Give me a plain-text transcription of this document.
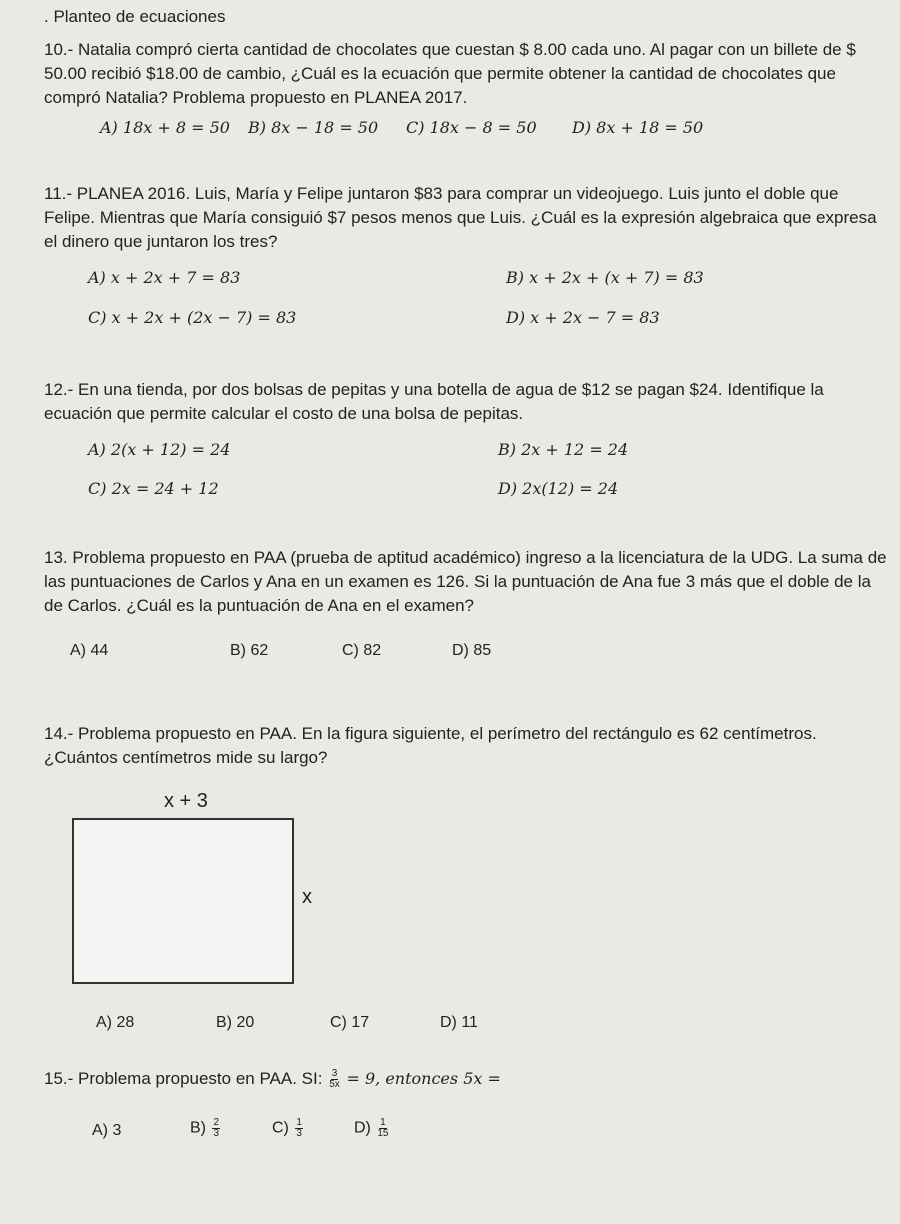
. Planteo de ecuaciones
10.- Natalia compró cierta cantidad de chocolates que cuestan $ 8.00 cada uno. Al pagar con un billete de $ 50.00 recibió $18.00 de cambio, ¿Cuál es la ecuación que permite obtener la cantidad de chocolates que compró Natalia? Problema propuesto en PLANEA 2017.
A) 18x + 8 = 50 B) 8x − 18 = 50 C) 18x − 8 = 50 D) 8x + 18 = 50
11.- PLANEA 2016. Luis, María y Felipe juntaron $83 para comprar un videojuego. Luis junto el doble que Felipe. Mientras que María consiguió $7 pesos menos que Luis. ¿Cuál es la expresión algebraica que expresa el dinero que juntaron los tres?
A) x + 2x + 7 = 83	B) x + 2x + (x + 7) = 83
C) x + 2x + (2x − 7) = 83	D) x + 2x − 7 = 83
12.- En una tienda, por dos bolsas de pepitas y una botella de agua de $12 se pagan $24. Identifique la ecuación que permite calcular el costo de una bolsa de pepitas.
A) 2(x + 12) = 24	B) 2x + 12 = 24
C) 2x = 24 + 12	D) 2x(12) = 24
13. Problema propuesto en PAA (prueba de aptitud académico) ingreso a la licenciatura de la UDG. La suma de las puntuaciones de Carlos y Ana en un examen es 126. Si la puntuación de Ana fue 3 más que el doble de la de Carlos. ¿Cuál es la puntuación de Ana en el examen?
A) 44	B) 62	C) 82	D) 85
14.- Problema propuesto en PAA. En la figura siguiente, el perímetro del rectángulo es 62 centímetros. ¿Cuántos centímetros mide su largo?
x + 3
x
A) 28	B) 20	C) 17	D) 11
15.- Problema propuesto en PAA. SI: $\frac{3}{5x} = 9$, entonces 5x =
A) 3	$B) \frac{2}{3}$	$C) \frac{1}{3}$	$D) \frac{1}{15}$
